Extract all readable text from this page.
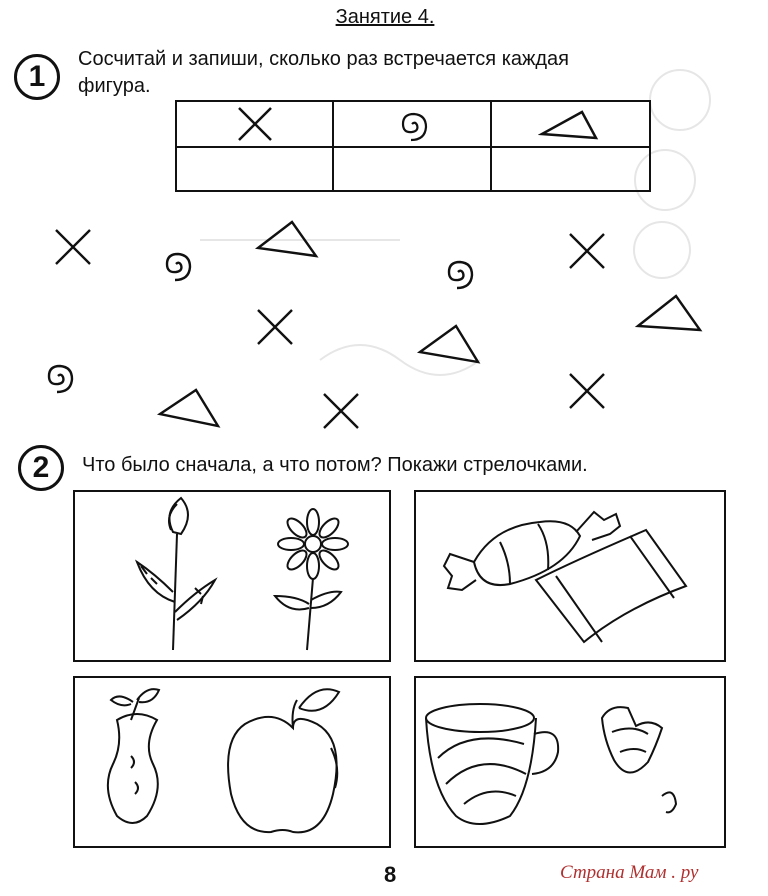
Занятие 4.
1
Сосчитай и запиши, сколько раз встречается каждая
фигура.
2 Что было сначала, а что потом? Покажи стрелочками.
8	Страна Мам . ру
